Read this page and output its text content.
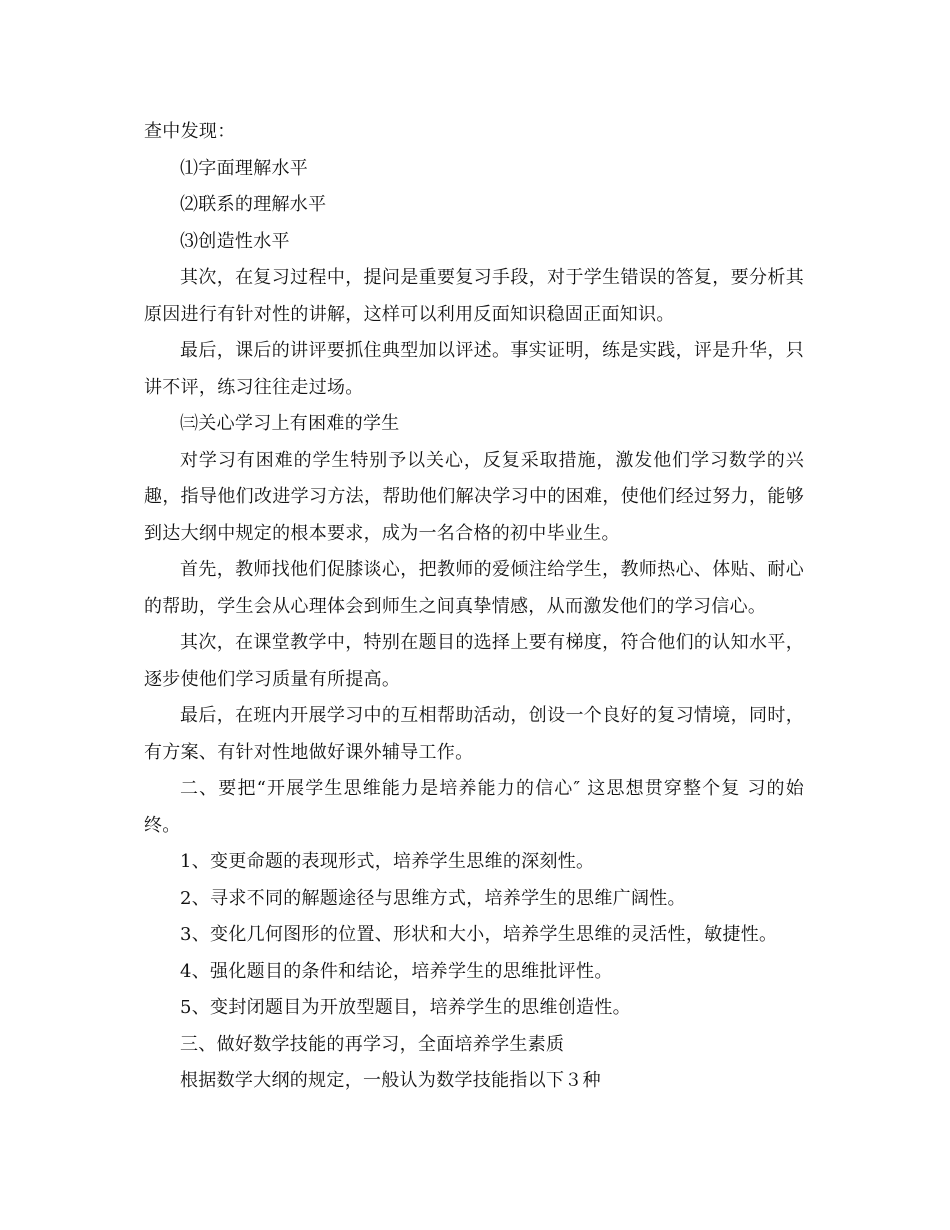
查中发现：

⑴字面理解水平

⑵联系的理解水平

⑶创造性水平

其次，在复习过程中，提问是重要复习手段，对于学生错误的答复，要分析其原因进行有针对性的讲解，这样可以利用反面知识稳固正面知识。

最后，课后的讲评要抓住典型加以评述。事实证明，练是实践，评是升华，只讲不评，练习往往走过场。

㈢关心学习上有困难的学生

对学习有困难的学生特别予以关心，反复采取措施，激发他们学习数学的兴趣，指导他们改进学习方法，帮助他们解决学习中的困难，使他们经过努力，能够到达大纲中规定的根本要求，成为一名合格的初中毕业生。

首先，教师找他们促膝谈心，把教师的爱倾注给学生，教师热心、体贴、耐心的帮助，学生会从心理体会到师生之间真挚情感，从而激发他们的学习信心。

其次，在课堂教学中，特别在题目的选择上要有梯度，符合他们的认知水平，逐步使他们学习质量有所提高。

最后，在班内开展学习中的互相帮助活动，创设一个良好的复习情境，同时，有方案、有针对性地做好课外辅导工作。

二、要把“开展学生思维能力是培养能力的信心″ 这思想贯穿整个复 习的始终。

1、变更命题的表现形式，培养学生思维的深刻性。

2、寻求不同的解题途径与思维方式，培养学生的思维广阔性。

3、变化几何图形的位置、形状和大小，培养学生思维的灵活性，敏捷性。

4、强化题目的条件和结论，培养学生的思维批评性。

5、变封闭题目为开放型题目，培养学生的思维创造性。

三、做好数学技能的再学习，全面培养学生素质

根据数学大纲的规定，一般认为数学技能指以下３种
